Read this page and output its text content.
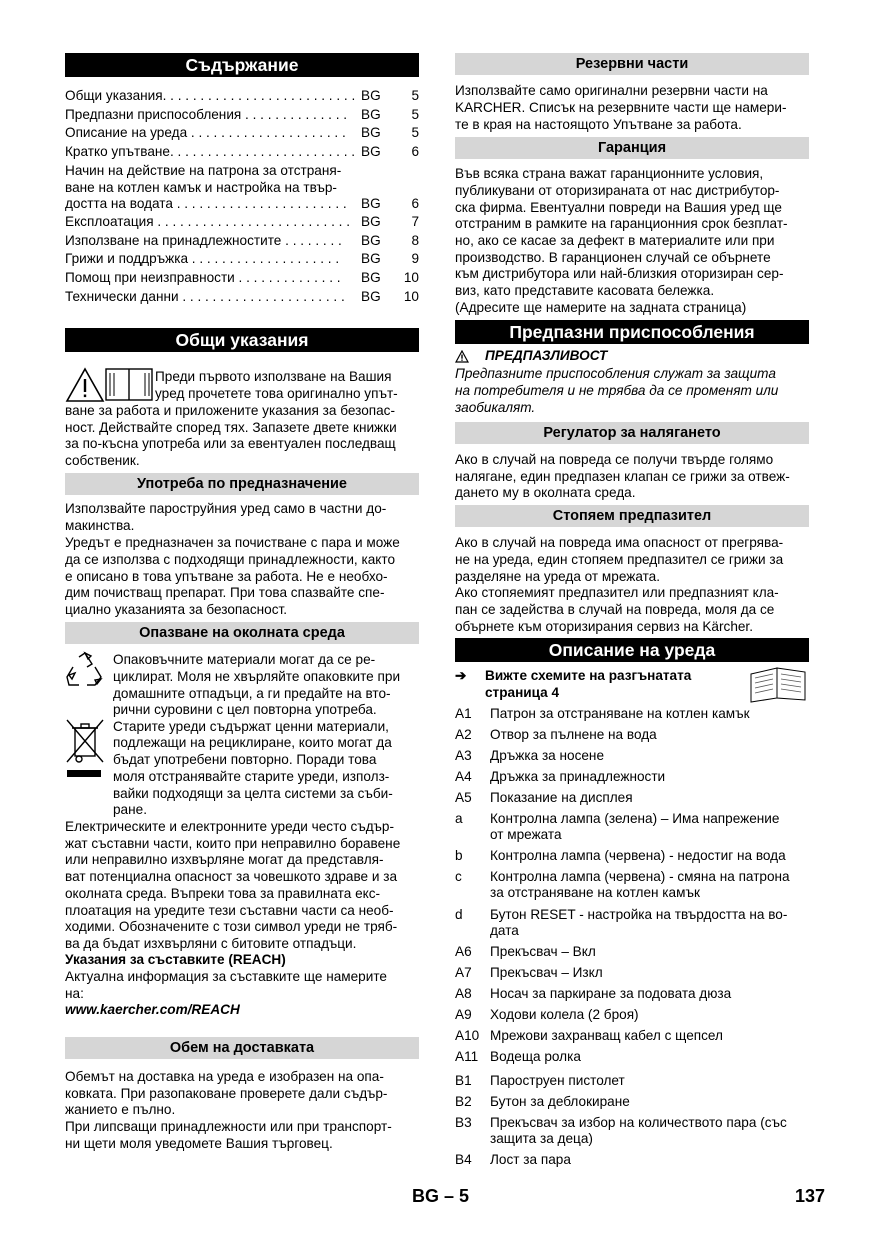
Съдържание
Общи указания. . . . . . . . . . . . . . . . . . . . . . . . . . BG 5
Предпазни приспособления . . . . . . . . . . . . . .	BG 5
Описание на уреда . . . . . . . . . . . . . . . . . . . . .	BG 5
Кратко упътване. . . . . . . . . . . . . . . . . . . . . . . . . BG 6
Начин на действие на патрона за отстраня-
ване на котлен камък и настройка на твър-
достта на водата . . . . . . . . . . . . . . . . . . . . . . .	BG 6
Експлоатация . . . . . . . . . . . . . . . . . . . . . . . . . . BG 7
Използване на принадлежностите . . . . . . . .	BG 8
Грижи и поддръжка . . . . . . . . . . . . . . . . . . . .	BG 9
Помощ при неизправности . . . . . . . . . . . . . .	BG 10
Технически данни . . . . . . . . . . . . . . . . . . . . . .	BG 10
Общи указания

Преди първото използване на Вашия

уред прочетете това оригинално упът-

ване за работа и приложените указания за безопас-

ност. Действайте според тях. Запазете двете книжки

за по-късна употреба или за евентуален последващ

собственик.

Употреба по предназначение

Използвайте пароструйния уред само в частни до-

макинства.

Уредът е предназначен за почистване с пара и може

да се използва с подходящи принадлежности, както

е описано в това упътване за работа. Не е необхо-

дим почистващ препарат. При това спазвайте спе-

циално указанията за безопасност.

Опазване на околната среда

Опаковъчните материали могат да се ре-

циклират. Моля не хвърляйте опаковките при

домашните отпадъци, а ги предайте на вто-

рични суровини с цел повторна употреба.

Старите уреди съдържат ценни материали,

подлежащи на рециклиране, които могат да

бъдат употребени повторно. Поради това

моля отстранявайте старите уреди, използ-

вайки подходящи за целта системи за съби-

ране.

Електрическите и електронните уреди често съдър-

жат съставни части, които при неправилно боравене

или неправилно изхвърляне могат да представля-

ват потенциална опасност за човешкото здраве и за

околната среда. Въпреки това за правилната екс-

плоатация на уредите тези съставни части са необ-

ходими. Обозначените с този символ уреди не тряб-

ва да бъдат изхвърляни с битовите отпадъци.

Указания за съставките (REACH)

Актуална информация за съставките ще намерите

на:

www.kaercher.com/REACH

Обем на доставката

Обемът на доставка на уреда е изобразен на опа-

ковката. При разопаковане проверете дали съдър-

жанието е пълно.

При липсващи принадлежности или при транспорт-

ни щети моля уведомете Вашия търговец.

Резервни части

Използвайте само оригинални резервни части на

KARCHER. Списък на резервните части ще намери-

те в края на настоящото Упътване за работа.

Гаранция

Във всяка страна важат гаранционните условия,

публикувани от оторизираната от нас дистрибутор-

ска фирма. Евентуални повреди на Вашия уред ще

отстраним в рамките на гаранционния срок безплат-

но, ако се касае за дефект в материалите или при

производство. В гаранционен случай се обърнете

към дистрибутора или най-близкия оторизиран сер-

виз, като представите касовата бележка.

(Адресите ще намерите на задната страница)

Предпазни приспособления

ПРЕДПАЗЛИВОСТ

Предпазните приспособления служат за защита

на потребителя и не трябва да се променят или

заобикалят.

Регулатор за налягането

Ако в случай на повреда се получи твърде голямо

налягане, един предпазен клапан се грижи за отвеж-

дането му в околната среда.

Стопяем предпазител

Ако в случай на повреда има опасност от прегрява-

не на уреда, един стопяем предпазител се грижи за

разделяне на уреда от мрежата.

Ако стопяемият предпазител или предпазният кла-

пан се задейства в случай на повреда, моля да се

обърнете към оторизирания сервиз на Kärcher.

Описание на уреда

➔	Вижте схемите на разгънатата

страница 4

A1 Патрон за отстраняване на котлен камък
A2 Отвор за пълнене на вода
A3 Дръжка за носене
A4 Дръжка за принадлежности
A5 Показание на дисплея
a Контролна лампа (зелена) – Има напрежение
от мрежата
b Контролна лампа (червена) - недостиг на вода
c Контролна лампа (червена) - смяна на патрона
за отстраняване на котлен камък
d Бутон RESET - настройка на твърдостта на во-
дата
A6 Прекъсвач – Вкл
A7 Прекъсвач – Изкл
A8 Носач за паркиране за подовата дюза
A9 Ходови колела (2 броя)
A10 Мрежови захранващ кабел с щепсел
A11 Водеща ролка
B1 Пароструен пистолет
B2 Бутон за деблокиране
B3 Прекъсвач за избор на количеството пара (със
защита за деца)
B4 Лост за пара
BG – 5	137
